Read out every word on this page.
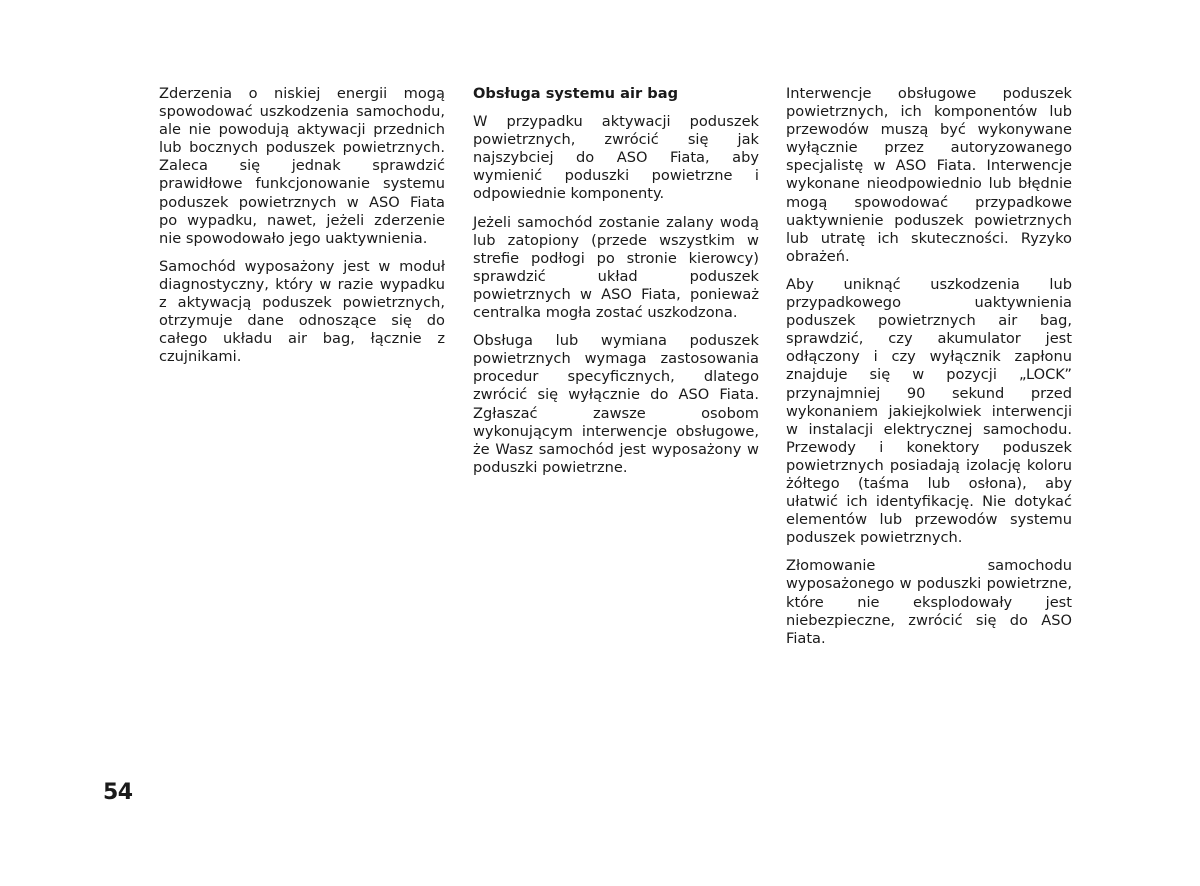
Zderzenia o niskiej energii mogą spowodować uszkodzenia samochodu, ale nie powodują aktywacji przednich lub bocznych poduszek powietrznych. Zaleca się jednak sprawdzić prawidłowe funkcjonowanie systemu poduszek powietrznych w ASO Fiata po wypadku, nawet, jeżeli zderzenie nie spowodowało jego uaktywnienia.

Samochód wyposażony jest w moduł diagnostyczny, który w razie wypadku z aktywacją poduszek powietrznych, otrzymuje dane odnoszące się do całego układu air bag, łącznie z czujnikami.

Obsługa systemu air bag

W przypadku aktywacji poduszek powietrznych, zwrócić się jak najszybciej do ASO Fiata, aby wymienić poduszki powietrzne i odpowiednie komponenty.

Jeżeli samochód zostanie zalany wodą lub zatopiony (przede wszystkim w strefie podłogi po stronie kierowcy) sprawdzić układ poduszek powietrznych w ASO Fiata, ponieważ centralka mogła zostać uszkodzona.

Obsługa lub wymiana poduszek powietrznych wymaga zastosowania procedur specyficznych, dlatego zwrócić się wyłącznie do ASO Fiata. Zgłaszać zawsze osobom wykonującym interwencje obsługowe, że Wasz samochód jest wyposażony w poduszki powietrzne.

Interwencje obsługowe poduszek powietrznych, ich komponentów lub przewodów muszą być wykonywane wyłącznie przez autoryzowanego specjalistę w ASO Fiata. Interwencje wykonane nieodpowiednio lub błędnie mogą spowodować przypadkowe uaktywnienie poduszek powietrznych lub utratę ich skuteczności. Ryzyko obrażeń.

Aby uniknąć uszkodzenia lub przypadkowego uaktywnienia poduszek powietrznych air bag, sprawdzić, czy akumulator jest odłączony i czy wyłącznik zapłonu znajduje się w pozycji „LOCK” przynajmniej 90 sekund przed wykonaniem jakiejkolwiek interwencji w instalacji elektrycznej samochodu. Przewody i konektory poduszek powietrznych posiadają izolację koloru żółtego (taśma lub osłona), aby ułatwić ich identyfikację. Nie dotykać elementów lub przewodów systemu poduszek powietrznych.

Złomowanie samochodu wyposażonego w poduszki powietrzne, które nie eksplodowały jest niebezpieczne, zwrócić się do ASO Fiata.

54
